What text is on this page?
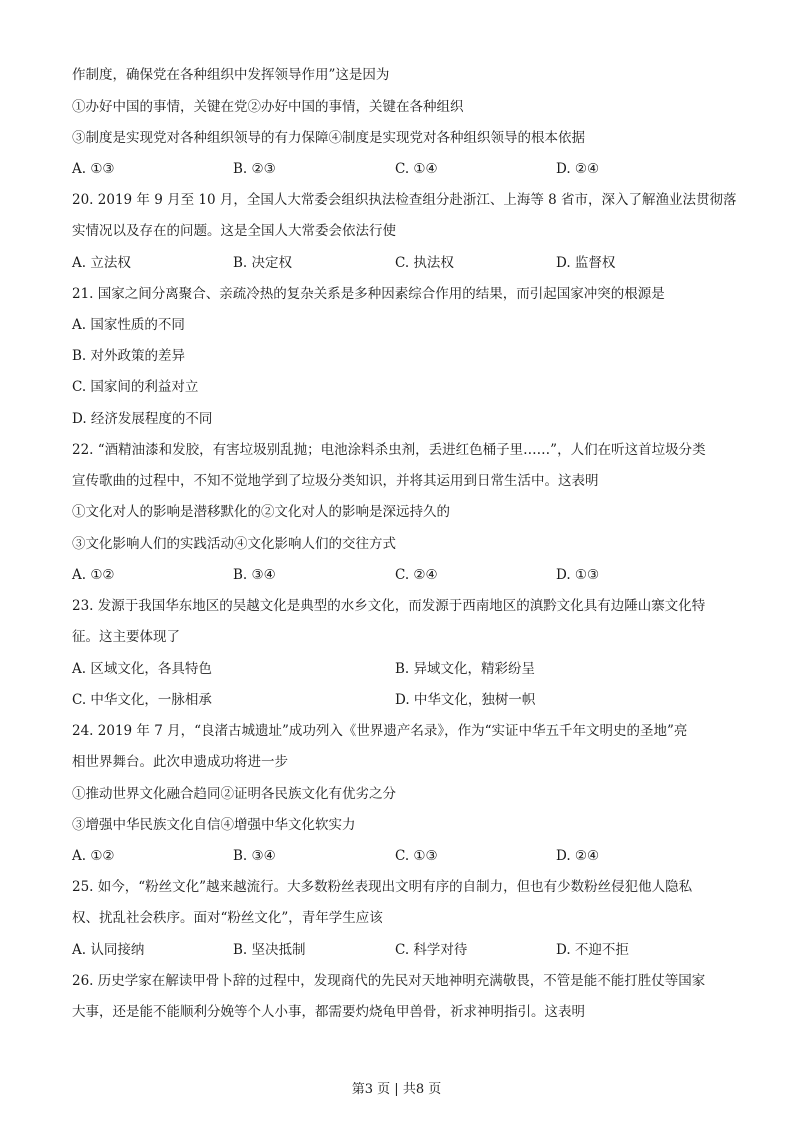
作制度，确保党在各种组织中发挥领导作用”这是因为
①办好中国的事情，关键在党②办好中国的事情，关键在各种组织
③制度是实现党对各种组织领导的有力保障④制度是实现党对各种组织领导的根本依据
A. ①③	B. ②③	C. ①④	D. ②④
20. 2019 年 9 月至 10 月，全国人大常委会组织执法检查组分赴浙江、上海等 8 省市，深入了解渔业法贯彻落
实情况以及存在的问题。这是全国人大常委会依法行使
A. 立法权	B. 决定权	C. 执法权	D. 监督权
21. 国家之间分离聚合、亲疏冷热的复杂关系是多种因素综合作用的结果，而引起国家冲突的根源是
A. 国家性质的不同
B. 对外政策的差异
C. 国家间的利益对立
D. 经济发展程度的不同
22. “酒精油漆和发胶，有害垃圾别乱抛；电池涂料杀虫剂，丢进红色桶子里……”，人们在听这首垃圾分类
宣传歌曲的过程中，不知不觉地学到了垃圾分类知识，并将其运用到日常生活中。这表明
①文化对人的影响是潜移默化的②文化对人的影响是深远持久的
③文化影响人们的实践活动④文化影响人们的交往方式
A. ①②	B. ③④	C. ②④	D. ①③
23. 发源于我国华东地区的吴越文化是典型的水乡文化，而发源于西南地区的滇黔文化具有边陲山寨文化特
征。这主要体现了
A. 区域文化，各具特色	B. 异域文化，精彩纷呈
C. 中华文化，一脉相承	D. 中华文化，独树一帜
24. 2019 年 7 月，“良渚古城遗址”成功列入《世界遗产名录》，作为“实证中华五千年文明史的圣地”亮
相世界舞台。此次申遗成功将进一步
①推动世界文化融合趋同②证明各民族文化有优劣之分
③增强中华民族文化自信④增强中华文化软实力
A. ①②	B. ③④	C. ①③	D. ②④
25. 如今，“粉丝文化”越来越流行。大多数粉丝表现出文明有序的自制力，但也有少数粉丝侵犯他人隐私
权、扰乱社会秩序。面对“粉丝文化”，青年学生应该
A. 认同接纳	B. 坚决抵制	C. 科学对待	D. 不迎不拒
26. 历史学家在解读甲骨卜辞的过程中，发现商代的先民对天地神明充满敬畏，不管是能不能打胜仗等国家
大事，还是能不能顺利分娩等个人小事，都需要灼烧龟甲兽骨，祈求神明指引。这表明
第3 页 | 共8 页
